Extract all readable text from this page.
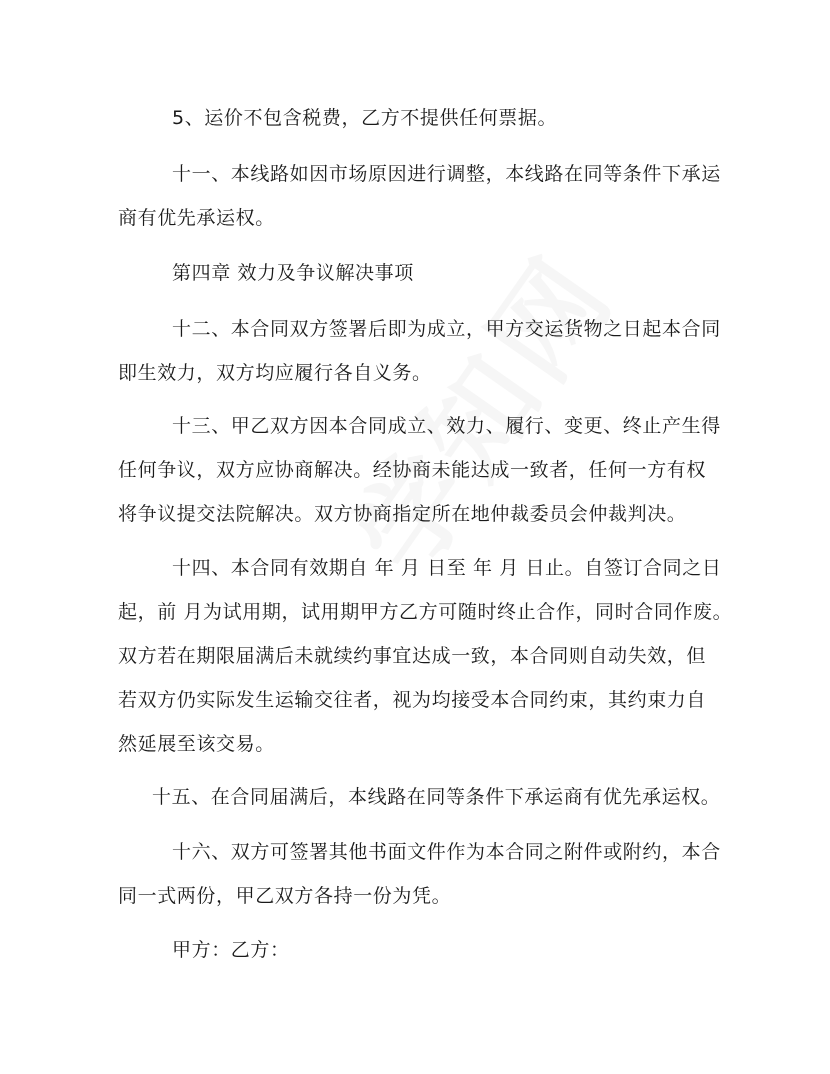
5、运价不包含税费，乙方不提供任何票据。
十一、本线路如因市场原因进行调整，本线路在同等条件下承运
商有优先承运权。
第四章 效力及争议解决事项
十二、本合同双方签署后即为成立，甲方交运货物之日起本合同
即生效力，双方均应履行各自义务。
十三、甲乙双方因本合同成立、效力、履行、变更、终止产生得
任何争议，双方应协商解决。经协商未能达成一致者，任何一方有权
将争议提交法院解决。双方协商指定所在地仲裁委员会仲裁判决。
十四、本合同有效期自 年 月 日至 年 月 日止。自签订合同之日
起，前 月为试用期，试用期甲方乙方可随时终止合作，同时合同作废。
双方若在期限届满后未就续约事宜达成一致，本合同则自动失效，但
若双方仍实际发生运输交往者，视为均接受本合同约束，其约束力自
然延展至该交易。
十五、在合同届满后，本线路在同等条件下承运商有优先承运权。
十六、双方可签署其他书面文件作为本合同之附件或附约，本合
同一式两份，甲乙双方各持一份为凭。
甲方：乙方：
